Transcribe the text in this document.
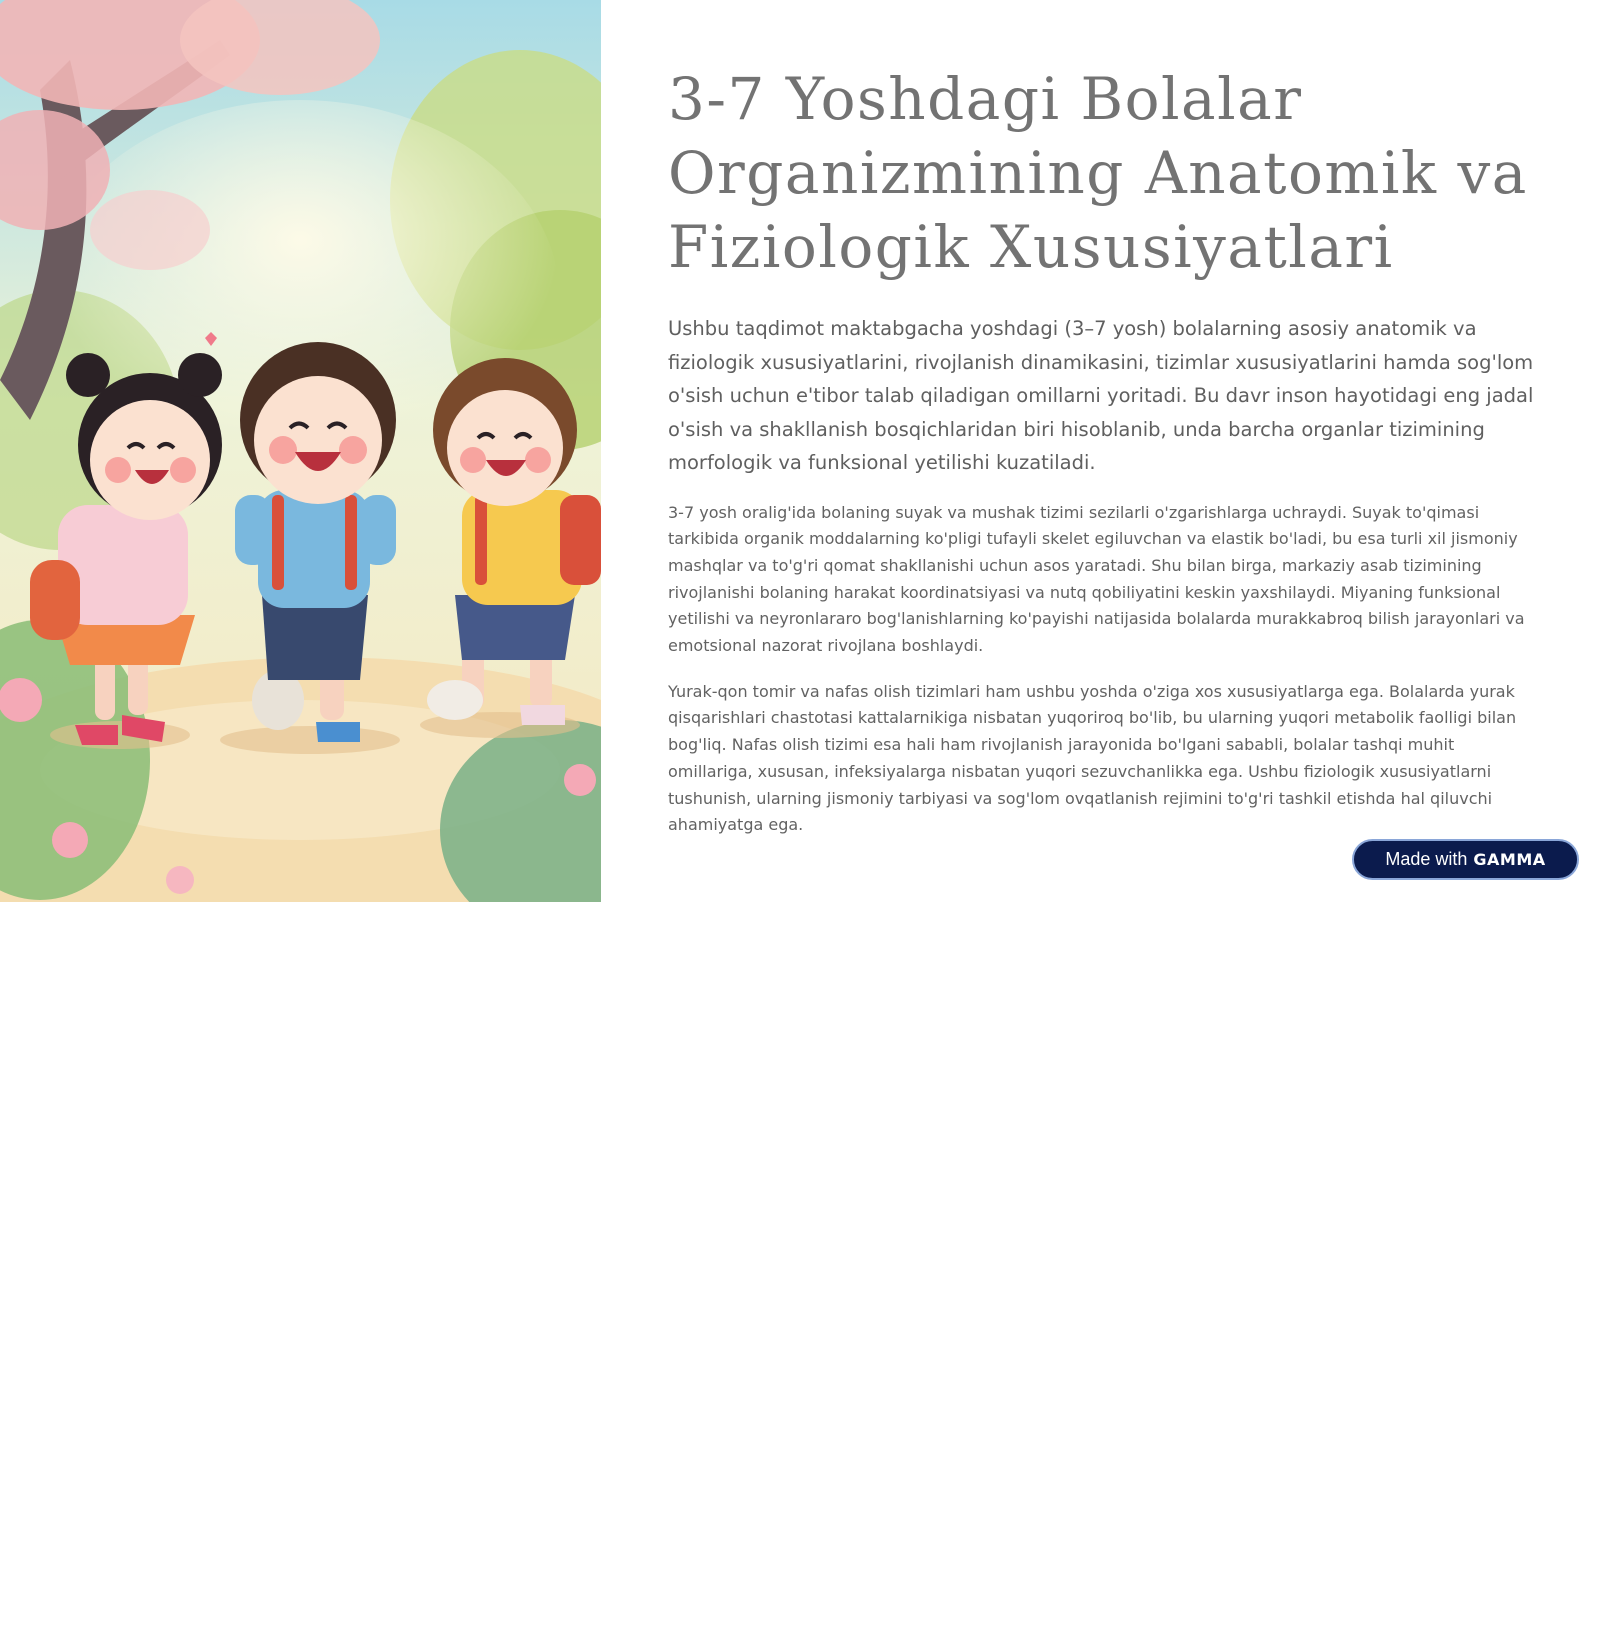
3-7 Yoshdagi Bolalar Organizmining Anatomik va Fiziologik Xususiyatlari

Ushbu taqdimot maktabgacha yoshdagi (3–7 yosh) bolalarning asosiy anatomik va fiziologik xususiyatlarini, rivojlanish dinamikasini, tizimlar xususiyatlarini hamda sog'lom o'sish uchun e'tibor talab qiladigan omillarni yoritadi. Bu davr inson hayotidagi eng jadal o'sish va shakllanish bosqichlaridan biri hisoblanib, unda barcha organlar tizimining morfologik va funksional yetilishi kuzatiladi.

3-7 yosh oralig'ida bolaning suyak va mushak tizimi sezilarli o'zgarishlarga uchraydi. Suyak to'qimasi tarkibida organik moddalarning ko'pligi tufayli skelet egiluvchan va elastik bo'ladi, bu esa turli xil jismoniy mashqlar va to'g'ri qomat shakllanishi uchun asos yaratadi. Shu bilan birga, markaziy asab tizimining rivojlanishi bolaning harakat koordinatsiyasi va nutq qobiliyatini keskin yaxshilaydi. Miyaning funksional yetilishi va neyronlararo bog'lanishlarning ko'payishi natijasida bolalarda murakkabroq bilish jarayonlari va emotsional nazorat rivojlana boshlaydi.

Yurak-qon tomir va nafas olish tizimlari ham ushbu yoshda o'ziga xos xususiyatlarga ega. Bolalarda yurak qisqarishlari chastotasi kattalarnikiga nisbatan yuqoriroq bo'lib, bu ularning yuqori metabolik faolligi bilan bog'liq. Nafas olish tizimi esa hali ham rivojlanish jarayonida bo'lgani sababli, bolalar tashqi muhit omillariga, xususan, infeksiyalarga nisbatan yuqori sezuvchanlikka ega. Ushbu fiziologik xususiyatlarni tushunish, ularning jismoniy tarbiyasi va sog'lom ovqatlanish rejimini to'g'ri tashkil etishda hal qiluvchi ahamiyatga ega.

Made with GAMMA
